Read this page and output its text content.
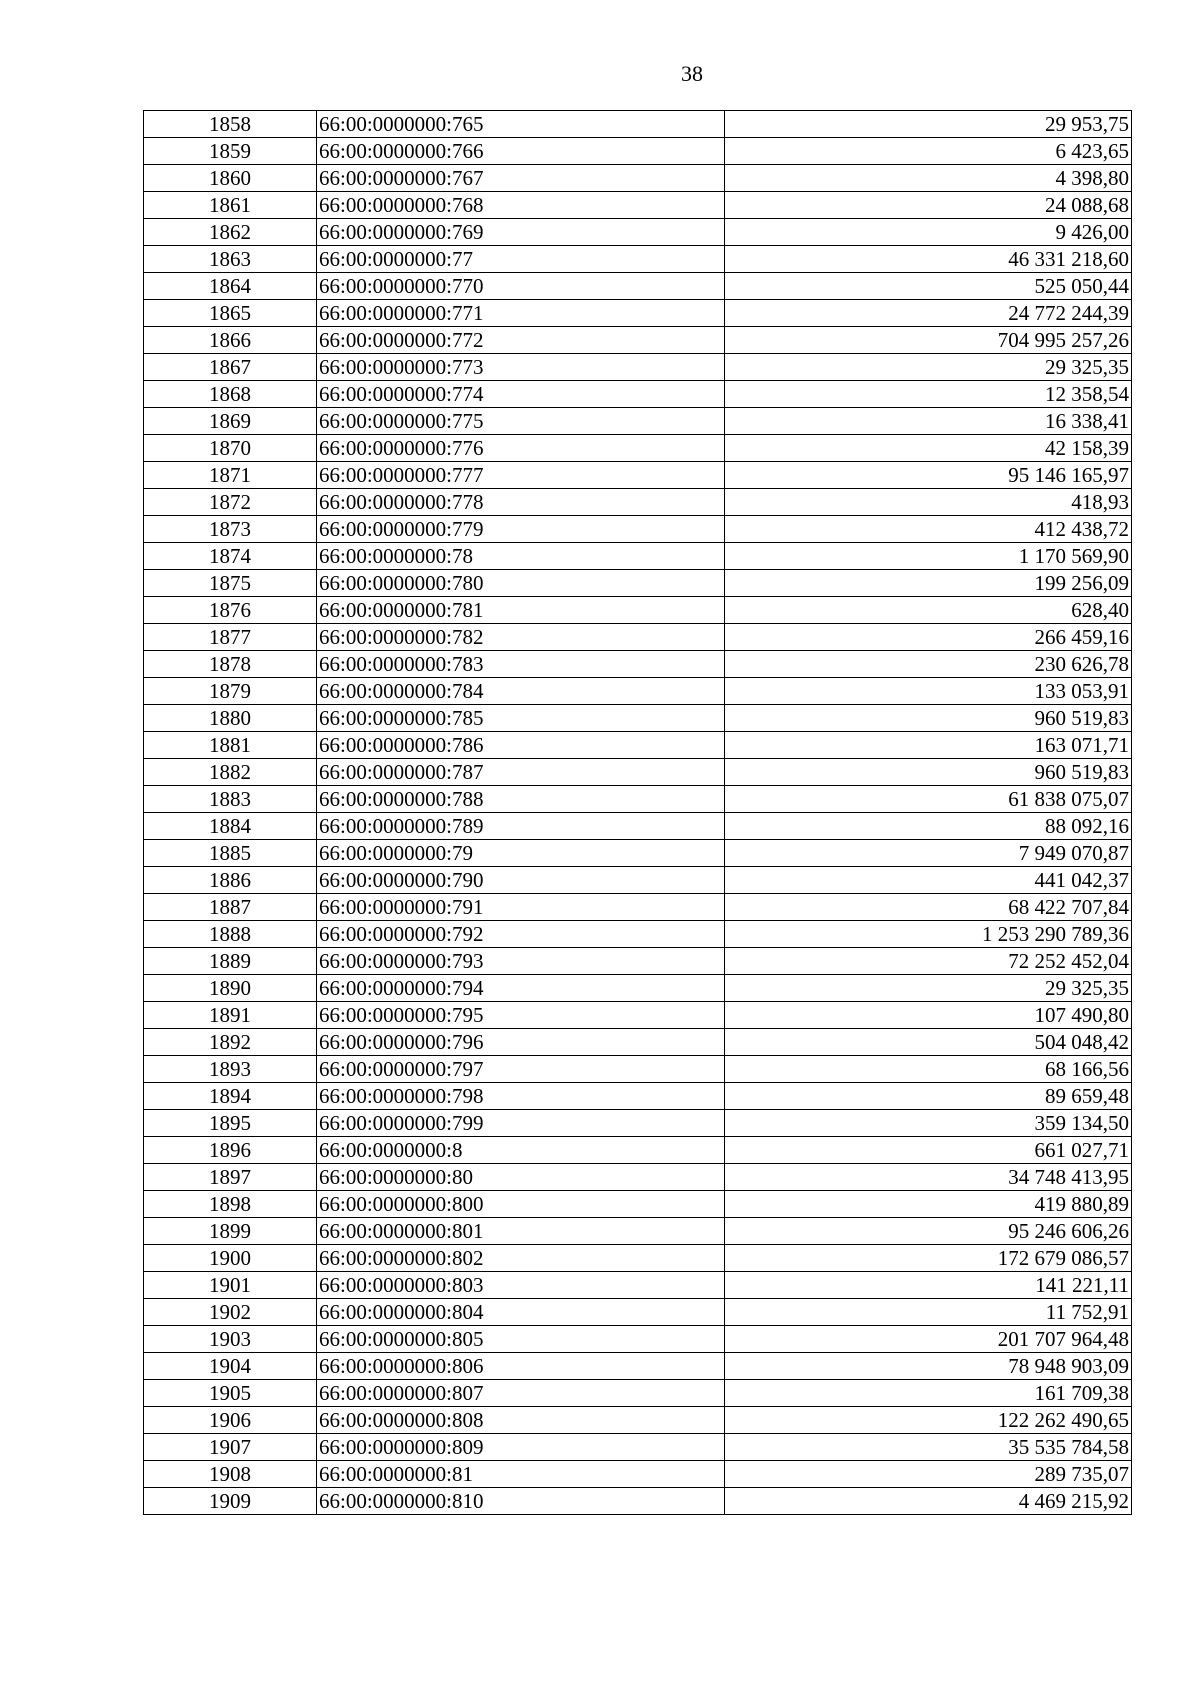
38
1858	66:00:0000000:765	29 953,75
1859	66:00:0000000:766	6 423,65
1860	66:00:0000000:767	4 398,80
1861	66:00:0000000:768	24 088,68
1862	66:00:0000000:769	9 426,00
1863	66:00:0000000:77	46 331 218,60
1864	66:00:0000000:770	525 050,44
1865	66:00:0000000:771	24 772 244,39
1866	66:00:0000000:772	704 995 257,26
1867	66:00:0000000:773	29 325,35
1868	66:00:0000000:774	12 358,54
1869	66:00:0000000:775	16 338,41
1870	66:00:0000000:776	42 158,39
1871	66:00:0000000:777	95 146 165,97
1872	66:00:0000000:778	418,93
1873	66:00:0000000:779	412 438,72
1874	66:00:0000000:78	1 170 569,90
1875	66:00:0000000:780	199 256,09
1876	66:00:0000000:781	628,40
1877	66:00:0000000:782	266 459,16
1878	66:00:0000000:783	230 626,78
1879	66:00:0000000:784	133 053,91
1880	66:00:0000000:785	960 519,83
1881	66:00:0000000:786	163 071,71
1882	66:00:0000000:787	960 519,83
1883	66:00:0000000:788	61 838 075,07
1884	66:00:0000000:789	88 092,16
1885	66:00:0000000:79	7 949 070,87
1886	66:00:0000000:790	441 042,37
1887	66:00:0000000:791	68 422 707,84
1888	66:00:0000000:792	1 253 290 789,36
1889	66:00:0000000:793	72 252 452,04
1890	66:00:0000000:794	29 325,35
1891	66:00:0000000:795	107 490,80
1892	66:00:0000000:796	504 048,42
1893	66:00:0000000:797	68 166,56
1894	66:00:0000000:798	89 659,48
1895	66:00:0000000:799	359 134,50
1896	66:00:0000000:8	661 027,71
1897	66:00:0000000:80	34 748 413,95
1898	66:00:0000000:800	419 880,89
1899	66:00:0000000:801	95 246 606,26
1900	66:00:0000000:802	172 679 086,57
1901	66:00:0000000:803	141 221,11
1902	66:00:0000000:804	11 752,91
1903	66:00:0000000:805	201 707 964,48
1904	66:00:0000000:806	78 948 903,09
1905	66:00:0000000:807	161 709,38
1906	66:00:0000000:808	122 262 490,65
1907	66:00:0000000:809	35 535 784,58
1908	66:00:0000000:81	289 735,07
1909	66:00:0000000:810	4 469 215,92
